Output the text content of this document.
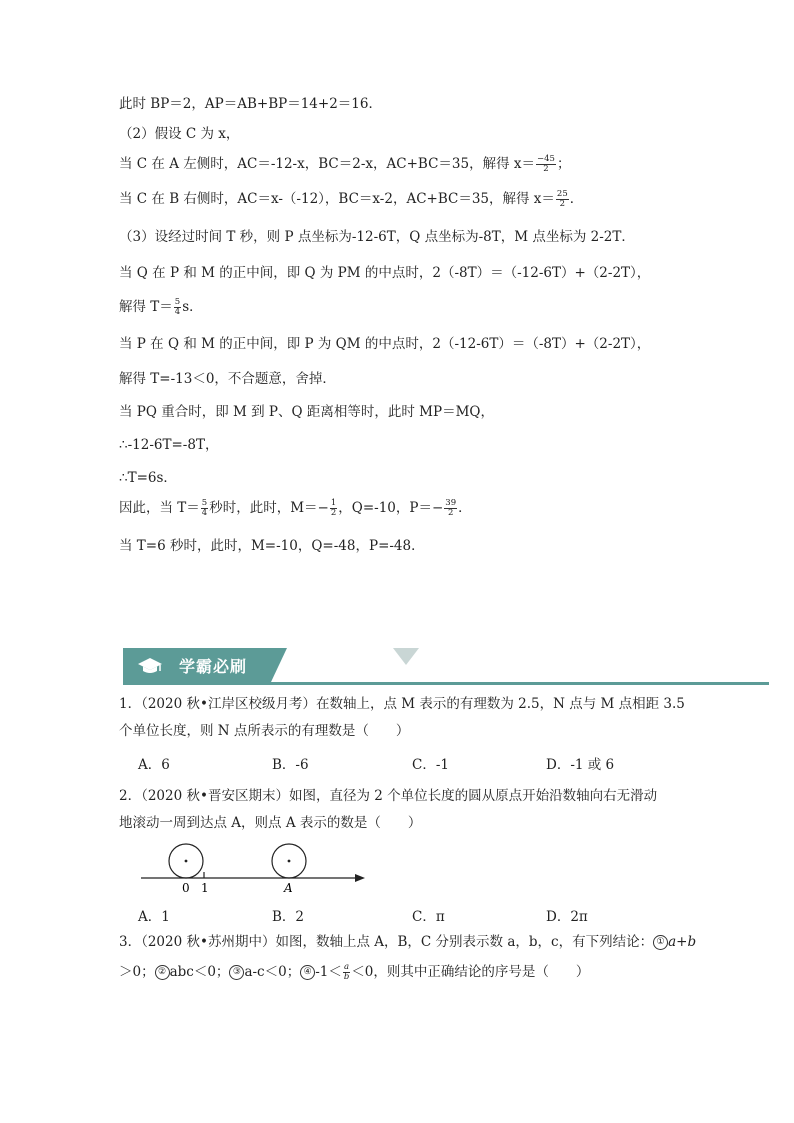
此时 BP＝2，AP＝AB+BP＝14+2＝16．
（2）假设 C 为 x，
当 C 在 A 左侧时，AC＝-12-x，BC＝2-x，AC+BC＝35，解得 $x= \frac{-45}{2}$ ；
当 C 在 B 右侧时，AC＝x-（-12），BC＝x-2，AC+BC＝35，解得 $x= \frac{25}{2}$ ．
（3）设经过时间 T 秒，则 P 点坐标为-12-6T，Q 点坐标为-8T，M 点坐标为 2-2T．
当 Q 在 P 和 M 的正中间，即 Q 为 PM 的中点时，2（-8T）＝（-12-6T）+（2-2T），
解得 $T= \frac{5}{4}$ s．
当 P 在 Q 和 M 的正中间，即 P 为 QM 的中点时，2（-12-6T）＝（-8T）+（2-2T），
解得 T=-13＜0，不合题意，舍掉．
当 PQ 重合时，即 M 到 P、Q 距离相等时，此时 MP＝MQ，
∴-12-6T=-8T，
∴T=6s．
因此，当 $T= \frac{5}{4}$ 秒时，此时，$M=- \frac{1}{2}$ ，Q=-10，$P=- \frac{39}{2}$ ．
当 T=6 秒时，此时，M=-10，Q=-48，P=-48．
学霸必刷
1．（2020 秋•江岸区校级月考）在数轴上，点 M 表示的有理数为 2.5，N 点与 M 点相距 3.5
个单位长度，则 N 点所表示的有理数是（　　）
A．6	B．-6	C．-1	D．-1 或 6
2．（2020 秋•晋安区期末）如图，直径为 2 个单位长度的圆从原点开始沿数轴向右无滑动
地滚动一周到达点 A，则点 A 表示的数是（　　）
0 1	A
A．1	B．2	C．π	D．2π
3．（2020 秋•苏州期中）如图，数轴上点 A，B，C 分别表示数 a，b，c，有下列结论： ① a+b
＞0； ② abc＜0； ③ a-c＜0； ④ $-1< \frac{a}{b} <0$，则其中正确结论的序号是（　　）
